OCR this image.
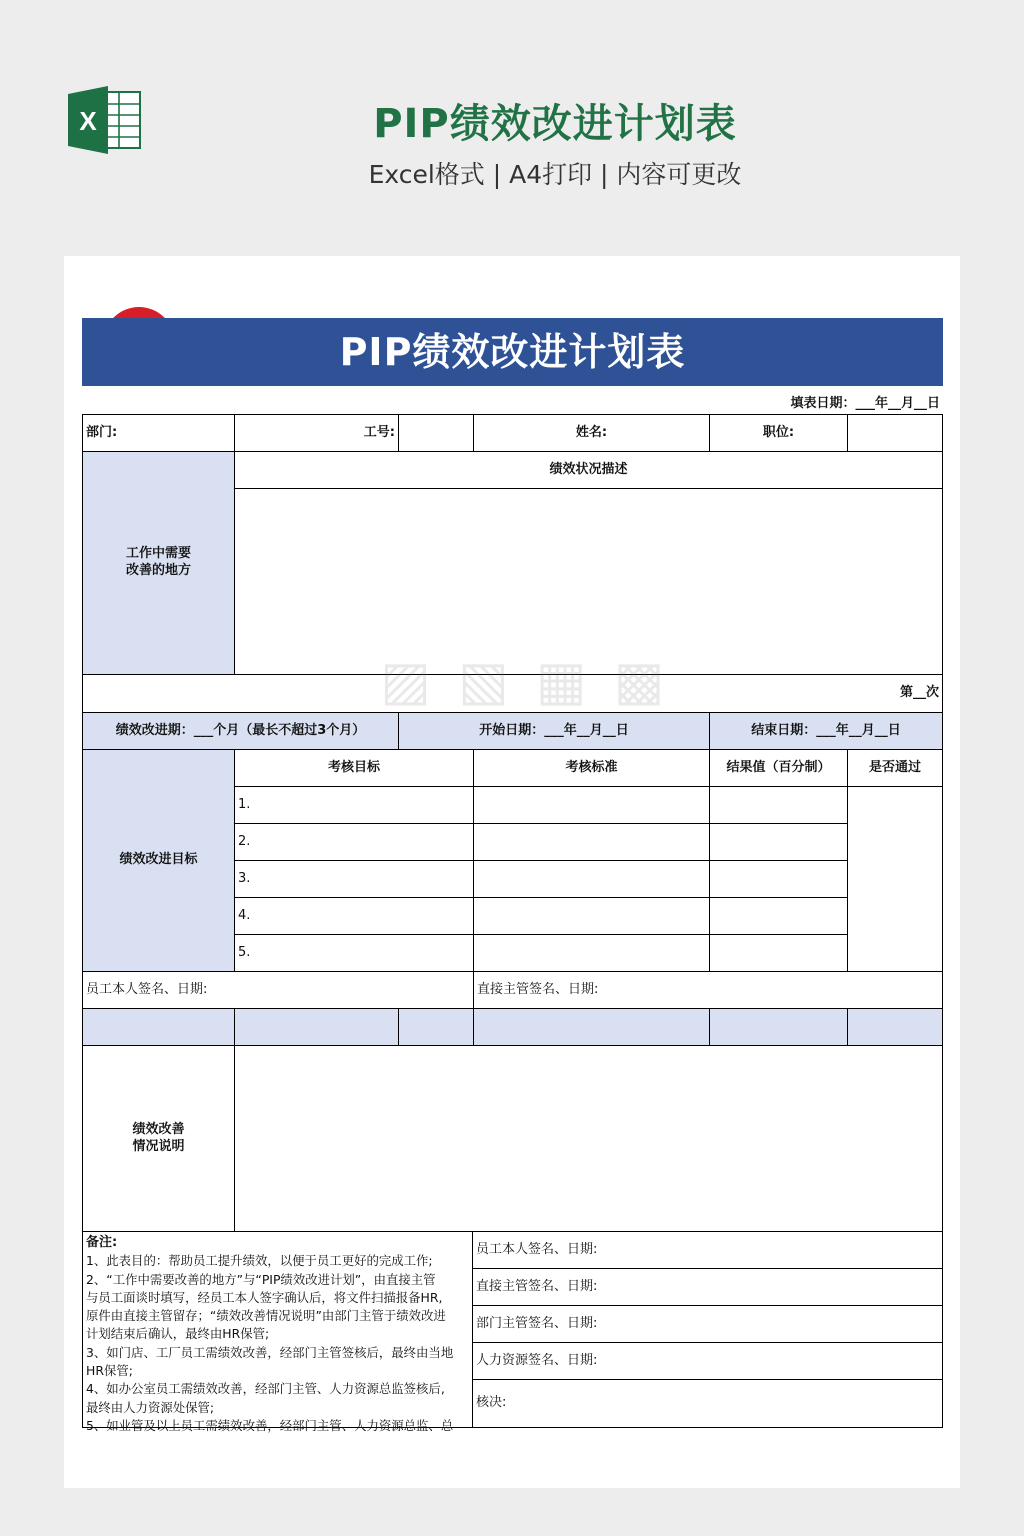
X	PIP绩效改进计划表
Excel格式 | A4打印 | 内容可更改
PIP绩效改进计划表
填表日期：___年__月__日
部门:	工号:	姓名:	职位:
工作中需要
改善的地方
绩效状况描述
第__次
绩效改进期：___个月（最长不超过3个月）	开始日期：___年__月__日	结束日期：___年__月__日
绩效改进目标
考核目标	考核标准	结果值（百分制）	是否通过
1.
2.
3.
4.
5.
员工本人签名、日期:	直接主管签名、日期:
绩效改善
情况说明
备注:
1、此表目的：帮助员工提升绩效，以便于员工更好的完成工作;
2、“工作中需要改善的地方”与“PIP绩效改进计划”，由直接主管
与员工面谈时填写，经员工本人签字确认后，将文件扫描报备HR,
原件由直接主管留存；“绩效改善情况说明”由部门主管于绩效改进
计划结束后确认，最终由HR保管;
3、如门店、工厂员工需绩效改善，经部门主管签核后，最终由当地
HR保管;
4、如办公室员工需绩效改善，经部门主管、人力资源总监签核后,
最终由人力资源处保管;
5、如业管及以上员工需绩效改善，经部门主管、人力资源总监、总
员工本人签名、日期:
直接主管签名、日期:
部门主管签名、日期:
人力资源签名、日期:
核决:
